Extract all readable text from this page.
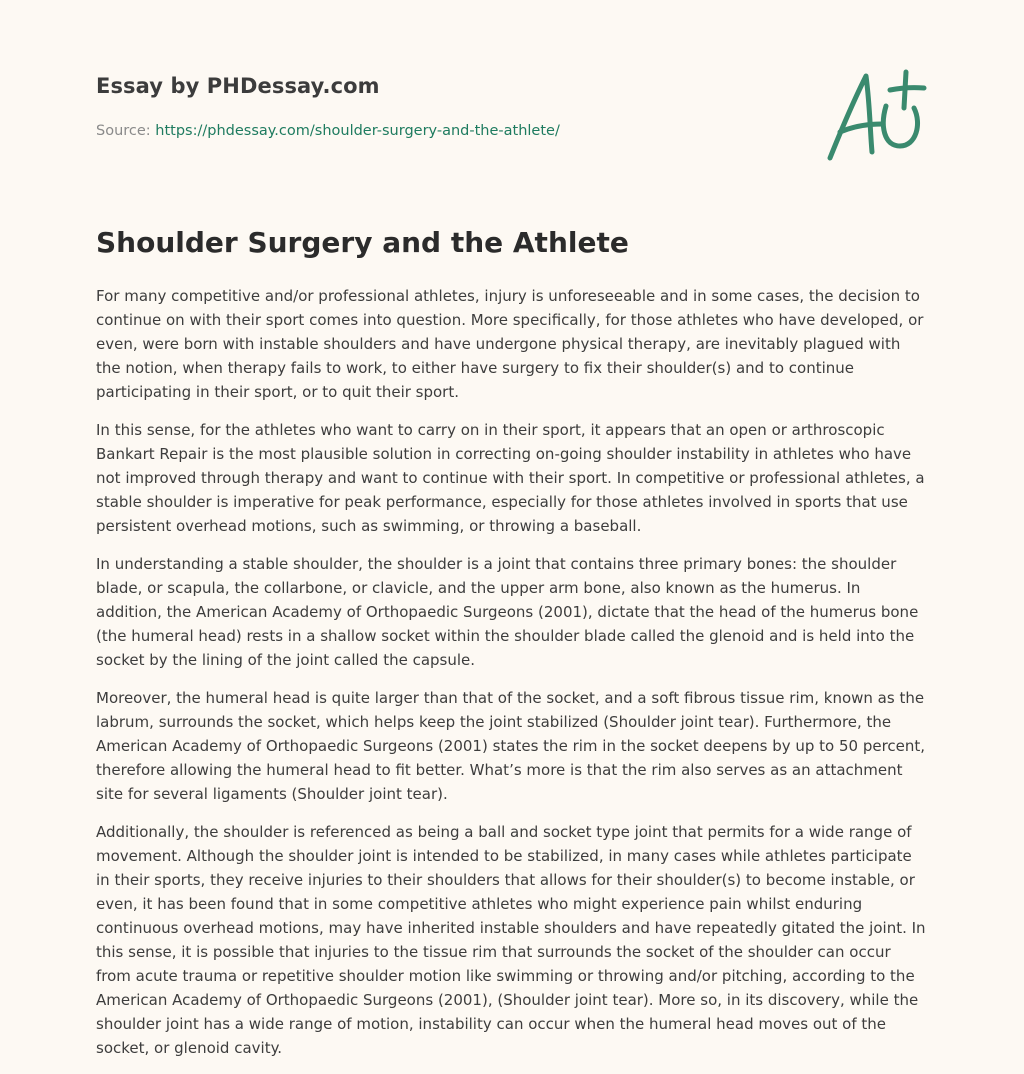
Essay by PHDessay.com

Source: https://phdessay.com/shoulder-surgery-and-the-athlete/

Shoulder Surgery and the Athlete

For many competitive and/or professional athletes, injury is unforeseeable and in some cases, the decision to continue on with their sport comes into question. More specifically, for those athletes who have developed, or even, were born with instable shoulders and have undergone physical therapy, are inevitably plagued with the notion, when therapy fails to work, to either have surgery to fix their shoulder(s) and to continue participating in their sport, or to quit their sport.

In this sense, for the athletes who want to carry on in their sport, it appears that an open or arthroscopic Bankart Repair is the most plausible solution in correcting on-going shoulder instability in athletes who have not improved through therapy and want to continue with their sport. In competitive or professional athletes, a stable shoulder is imperative for peak performance, especially for those athletes involved in sports that use persistent overhead motions, such as swimming, or throwing a baseball.

In understanding a stable shoulder, the shoulder is a joint that contains three primary bones: the shoulder blade, or scapula, the collarbone, or clavicle, and the upper arm bone, also known as the humerus. In addition, the American Academy of Orthopaedic Surgeons (2001), dictate that the head of the humerus bone (the humeral head) rests in a shallow socket within the shoulder blade called the glenoid and is held into the socket by the lining of the joint called the capsule.

Moreover, the humeral head is quite larger than that of the socket, and a soft fibrous tissue rim, known as the labrum, surrounds the socket, which helps keep the joint stabilized (Shoulder joint tear). Furthermore, the American Academy of Orthopaedic Surgeons (2001) states the rim in the socket deepens by up to 50 percent, therefore allowing the humeral head to fit better. What’s more is that the rim also serves as an attachment site for several ligaments (Shoulder joint tear).

Additionally, the shoulder is referenced as being a ball and socket type joint that permits for a wide range of movement. Although the shoulder joint is intended to be stabilized, in many cases while athletes participate in their sports, they receive injuries to their shoulders that allows for their shoulder(s) to become instable, or even, it has been found that in some competitive athletes who might experience pain whilst enduring continuous overhead motions, may have inherited instable shoulders and have repeatedly gitated the joint. In this sense, it is possible that injuries to the tissue rim that surrounds the socket of the shoulder can occur from acute trauma or repetitive shoulder motion like swimming or throwing and/or pitching, according to the American Academy of Orthopaedic Surgeons (2001), (Shoulder joint tear). More so, in its discovery, while the shoulder joint has a wide range of motion, instability can occur when the humeral head moves out of the socket, or glenoid cavity.
